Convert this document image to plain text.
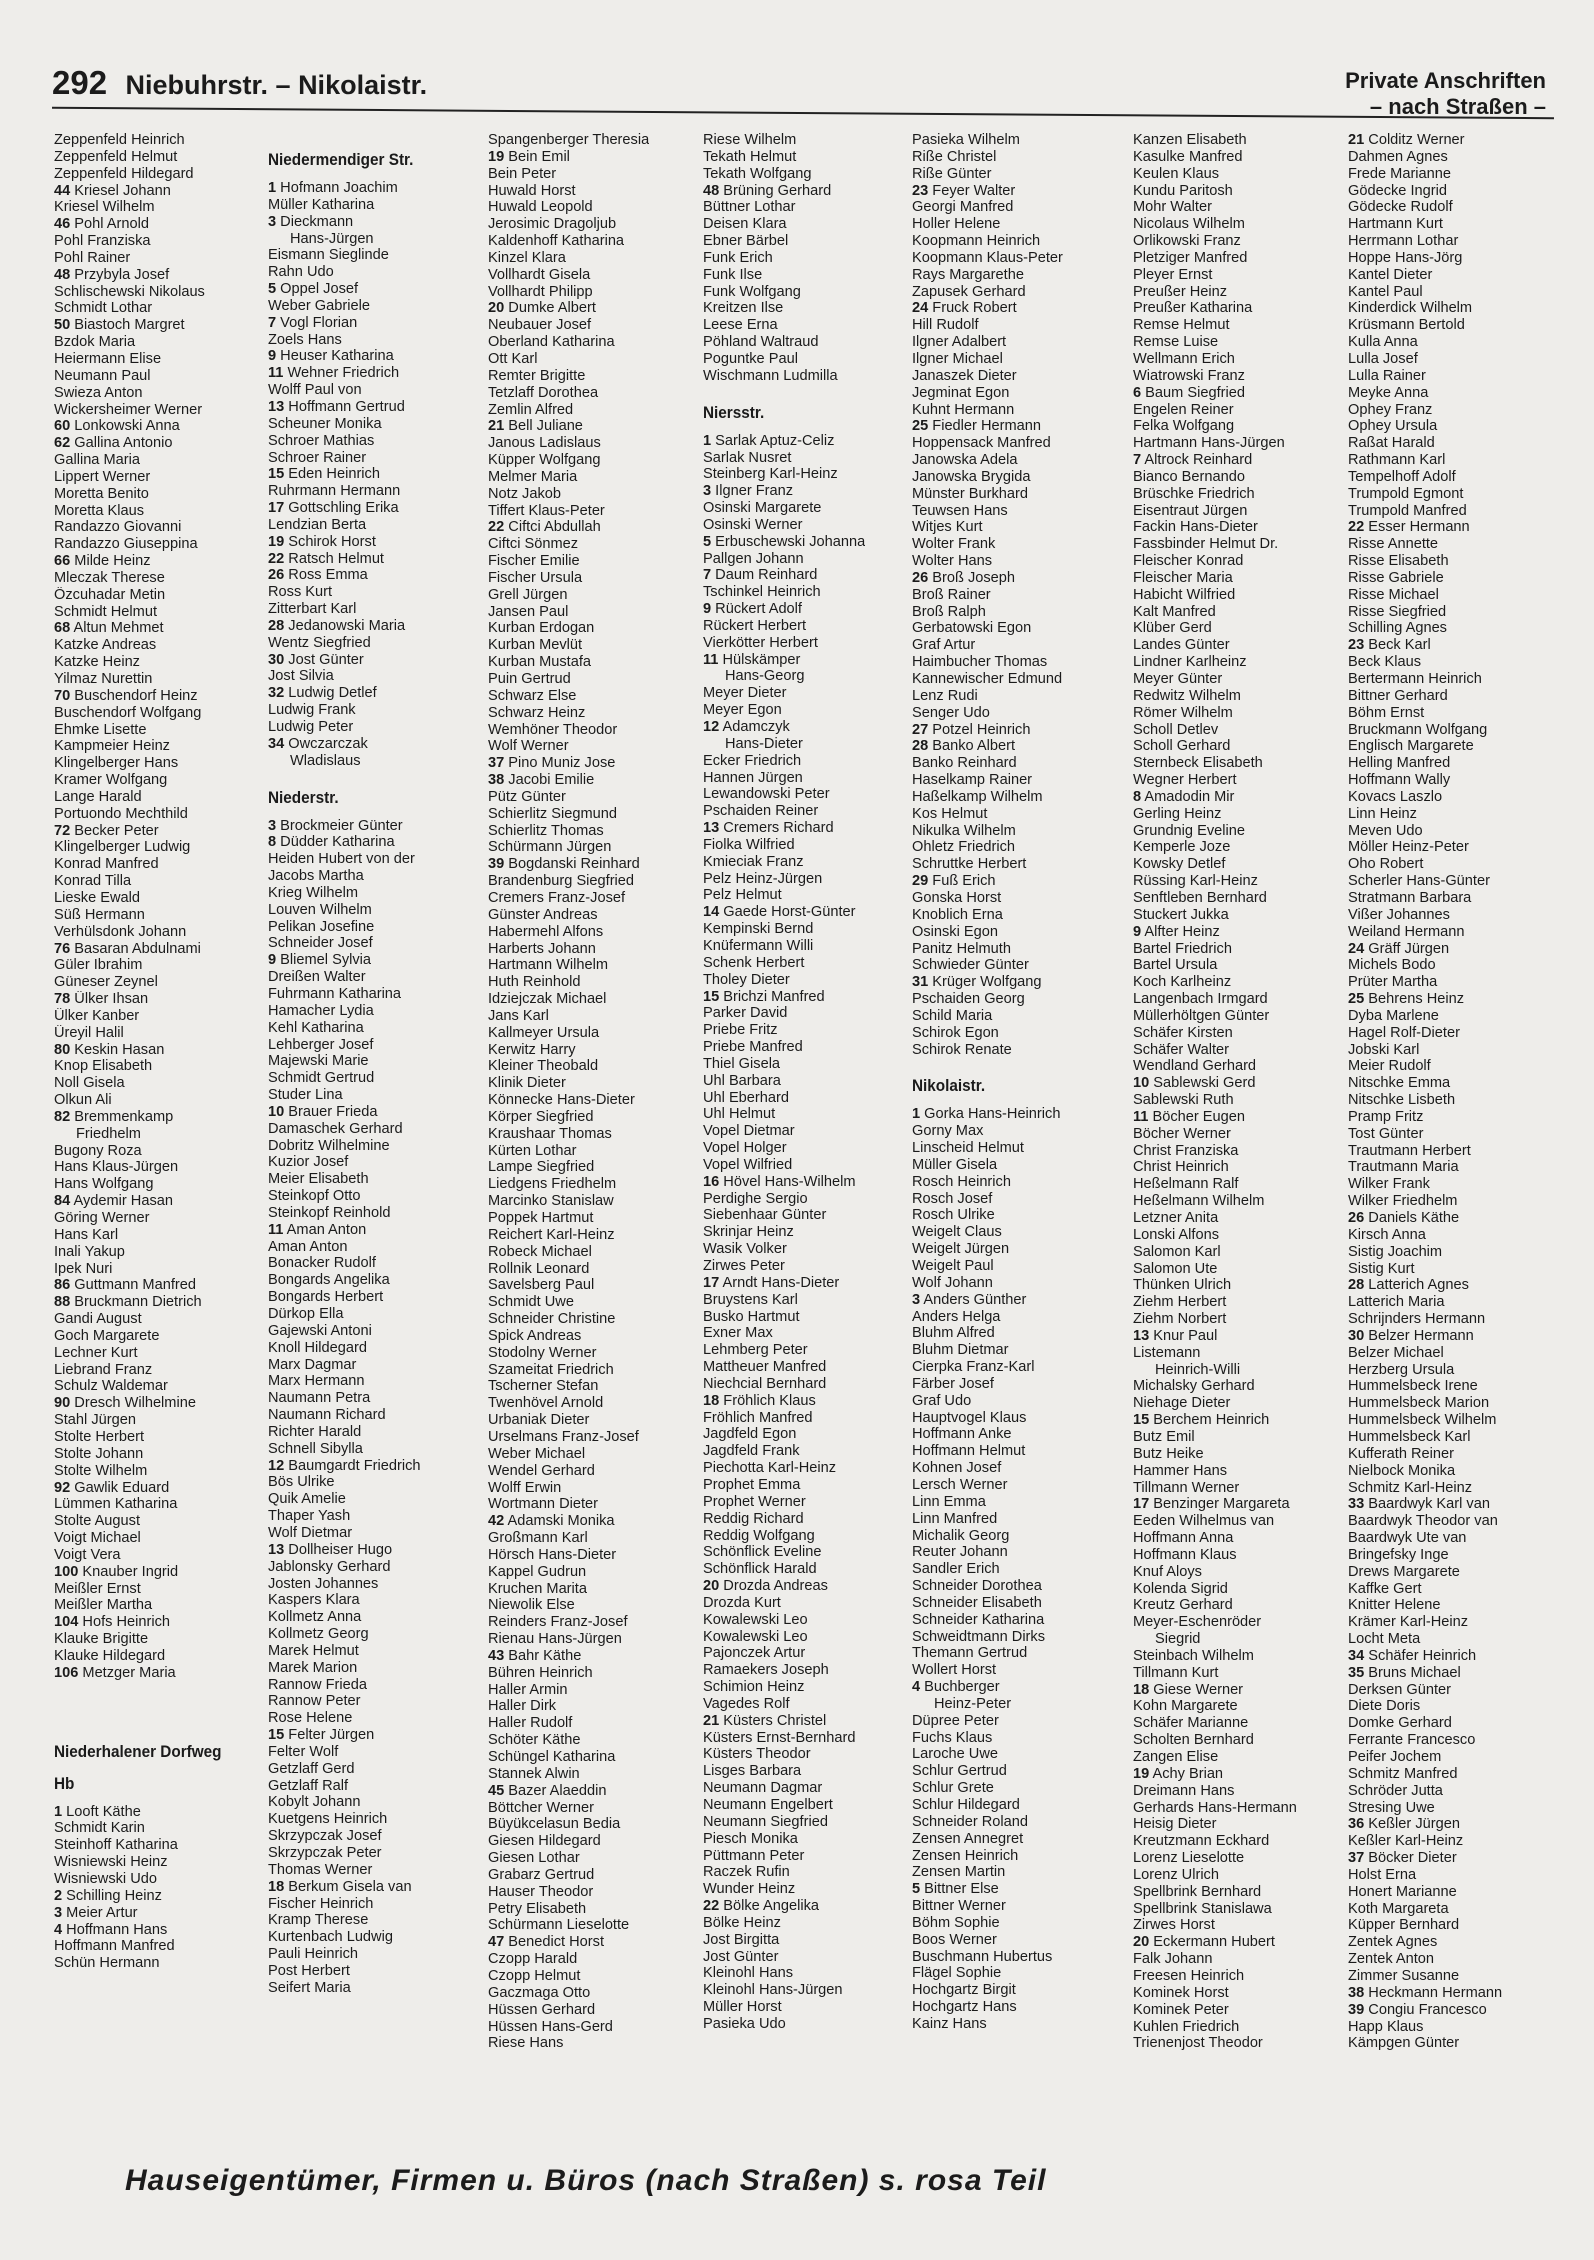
292 Niebuhrstr. – Nikolaistr.	Private Anschriften
– nach Straßen –
Zeppenfeld Heinrich
Zeppenfeld Helmut
Zeppenfeld Hildegard
44 Kriesel Johann
Kriesel Wilhelm
46 Pohl Arnold
Pohl Franziska
Pohl Rainer
48 Przybyla Josef
Schlischewski Nikolaus
Schmidt Lothar
50 Biastoch Margret
Bzdok Maria
Heiermann Elise
Neumann Paul
Swieza Anton
Wickersheimer Werner
60 Lonkowski Anna
62 Gallina Antonio
Gallina Maria
Lippert Werner
Moretta Benito
Moretta Klaus
Randazzo Giovanni
Randazzo Giuseppina
66 Milde Heinz
Mleczak Therese
Özcuhadar Metin
Schmidt Helmut
68 Altun Mehmet
Katzke Andreas
Katzke Heinz
Yilmaz Nurettin
70 Buschendorf Heinz
Buschendorf Wolfgang
Ehmke Lisette
Kampmeier Heinz
Klingelberger Hans
Kramer Wolfgang
Lange Harald
Portuondo Mechthild
72 Becker Peter
Klingelberger Ludwig
Konrad Manfred
Konrad Tilla
Lieske Ewald
Süß Hermann
Verhülsdonk Johann
76 Basaran Abdulnami
Güler Ibrahim
Güneser Zeynel
78 Ülker Ihsan
Ülker Kanber
Üreyil Halil
80 Keskin Hasan
Knop Elisabeth
Noll Gisela
Olkun Ali
82 Bremmenkamp
Friedhelm
Bugony Roza
Hans Klaus-Jürgen
Hans Wolfgang
84 Aydemir Hasan
Göring Werner
Hans Karl
Inali Yakup
Ipek Nuri
86 Guttmann Manfred
88 Bruckmann Dietrich
Gandi August
Goch Margarete
Lechner Kurt
Liebrand Franz
Schulz Waldemar
90 Dresch Wilhelmine
Stahl Jürgen
Stolte Herbert
Stolte Johann
Stolte Wilhelm
92 Gawlik Eduard
Lümmen Katharina
Stolte August
Voigt Michael
Voigt Vera
100 Knauber Ingrid
Meißler Ernst
Meißler Martha
104 Hofs Heinrich
Klauke Brigitte
Klauke Hildegard
106 Metzger Maria
Niederhalener Dorfweg
Hb
1 Looft Käthe
Schmidt Karin
Steinhoff Katharina
Wisniewski Heinz
Wisniewski Udo
2 Schilling Heinz
3 Meier Artur
4 Hoffmann Hans
Hoffmann Manfred
Schün Hermann
Niedermendiger Str.
1 Hofmann Joachim
Müller Katharina
3 Dieckmann
Hans-Jürgen
Eismann Sieglinde
Rahn Udo
5 Oppel Josef
Weber Gabriele
7 Vogl Florian
Zoels Hans
9 Heuser Katharina
11 Wehner Friedrich
Wolff Paul von
13 Hoffmann Gertrud
Scheuner Monika
Schroer Mathias
Schroer Rainer
15 Eden Heinrich
Ruhrmann Hermann
17 Gottschling Erika
Lendzian Berta
19 Schirok Horst
22 Ratsch Helmut
26 Ross Emma
Ross Kurt
Zitterbart Karl
28 Jedanowski Maria
Wentz Siegfried
30 Jost Günter
Jost Silvia
32 Ludwig Detlef
Ludwig Frank
Ludwig Peter
34 Owczarczak
Wladislaus
Niederstr.
3 Brockmeier Günter
8 Düdder Katharina
Heiden Hubert von der
Jacobs Martha
Krieg Wilhelm
Louven Wilhelm
Pelikan Josefine
Schneider Josef
9 Bliemel Sylvia
Dreißen Walter
Fuhrmann Katharina
Hamacher Lydia
Kehl Katharina
Lehberger Josef
Majewski Marie
Schmidt Gertrud
Studer Lina
10 Brauer Frieda
Damaschek Gerhard
Dobritz Wilhelmine
Kuzior Josef
Meier Elisabeth
Steinkopf Otto
Steinkopf Reinhold
11 Aman Anton
Aman Anton
Bonacker Rudolf
Bongards Angelika
Bongards Herbert
Dürkop Ella
Gajewski Antoni
Knoll Hildegard
Marx Dagmar
Marx Hermann
Naumann Petra
Naumann Richard
Richter Harald
Schnell Sibylla
12 Baumgardt Friedrich
Bös Ulrike
Quik Amelie
Thaper Yash
Wolf Dietmar
13 Dollheiser Hugo
Jablonsky Gerhard
Josten Johannes
Kaspers Klara
Kollmetz Anna
Kollmetz Georg
Marek Helmut
Marek Marion
Rannow Frieda
Rannow Peter
Rose Helene
15 Felter Jürgen
Felter Wolf
Getzlaff Gerd
Getzlaff Ralf
Kobylt Johann
Kuetgens Heinrich
Skrzypczak Josef
Skrzypczak Peter
Thomas Werner
18 Berkum Gisela van
Fischer Heinrich
Kramp Therese
Kurtenbach Ludwig
Pauli Heinrich
Post Herbert
Seifert Maria
Spangenberger Theresia
19 Bein Emil
Bein Peter
Huwald Horst
Huwald Leopold
Jerosimic Dragoljub
Kaldenhoff Katharina
Kinzel Klara
Vollhardt Gisela
Vollhardt Philipp
20 Dumke Albert
Neubauer Josef
Oberland Katharina
Ott Karl
Remter Brigitte
Tetzlaff Dorothea
Zemlin Alfred
21 Bell Juliane
Janous Ladislaus
Küpper Wolfgang
Melmer Maria
Notz Jakob
Tiffert Klaus-Peter
22 Ciftci Abdullah
Ciftci Sönmez
Fischer Emilie
Fischer Ursula
Grell Jürgen
Jansen Paul
Kurban Erdogan
Kurban Mevlüt
Kurban Mustafa
Puin Gertrud
Schwarz Else
Schwarz Heinz
Wemhöner Theodor
Wolf Werner
37 Pino Muniz Jose
38 Jacobi Emilie
Pütz Günter
Schierlitz Siegmund
Schierlitz Thomas
Schürmann Jürgen
39 Bogdanski Reinhard
Brandenburg Siegfried
Cremers Franz-Josef
Günster Andreas
Habermehl Alfons
Harberts Johann
Hartmann Wilhelm
Huth Reinhold
Idziejczak Michael
Jans Karl
Kallmeyer Ursula
Kerwitz Harry
Kleiner Theobald
Klinik Dieter
Könnecke Hans-Dieter
Körper Siegfried
Kraushaar Thomas
Kürten Lothar
Lampe Siegfried
Liedgens Friedhelm
Marcinko Stanislaw
Poppek Hartmut
Reichert Karl-Heinz
Robeck Michael
Rollnik Leonard
Savelsberg Paul
Schmidt Uwe
Schneider Christine
Spick Andreas
Stodolny Werner
Szameitat Friedrich
Tscherner Stefan
Twenhövel Arnold
Urbaniak Dieter
Urselmans Franz-Josef
Weber Michael
Wendel Gerhard
Wolff Erwin
Wortmann Dieter
42 Adamski Monika
Großmann Karl
Hörsch Hans-Dieter
Kappel Gudrun
Kruchen Marita
Niewolik Else
Reinders Franz-Josef
Rienau Hans-Jürgen
43 Bahr Käthe
Bühren Heinrich
Haller Armin
Haller Dirk
Haller Rudolf
Schöter Käthe
Schüngel Katharina
Stannek Alwin
45 Bazer Alaeddin
Böttcher Werner
Büyükcelasun Bedia
Giesen Hildegard
Giesen Lothar
Grabarz Gertrud
Hauser Theodor
Petry Elisabeth
Schürmann Lieselotte
47 Benedict Horst
Czopp Harald
Czopp Helmut
Gaczmaga Otto
Hüssen Gerhard
Hüssen Hans-Gerd
Riese Hans
Riese Wilhelm
Tekath Helmut
Tekath Wolfgang
48 Brüning Gerhard
Büttner Lothar
Deisen Klara
Ebner Bärbel
Funk Erich
Funk Ilse
Funk Wolfgang
Kreitzen Ilse
Leese Erna
Pöhland Waltraud
Poguntke Paul
Wischmann Ludmilla
Niersstr.
1 Sarlak Aptuz-Celiz
Sarlak Nusret
Steinberg Karl-Heinz
3 Ilgner Franz
Osinski Margarete
Osinski Werner
5 Erbuschewski Johanna
Pallgen Johann
7 Daum Reinhard
Tschinkel Heinrich
9 Rückert Adolf
Rückert Herbert
Vierkötter Herbert
11 Hülskämper
Hans-Georg
Meyer Dieter
Meyer Egon
12 Adamczyk
Hans-Dieter
Ecker Friedrich
Hannen Jürgen
Lewandowski Peter
Pschaiden Reiner
13 Cremers Richard
Fiolka Wilfried
Kmieciak Franz
Pelz Heinz-Jürgen
Pelz Helmut
14 Gaede Horst-Günter
Kempinski Bernd
Knüfermann Willi
Schenk Herbert
Tholey Dieter
15 Brichzi Manfred
Parker David
Priebe Fritz
Priebe Manfred
Thiel Gisela
Uhl Barbara
Uhl Eberhard
Uhl Helmut
Vopel Dietmar
Vopel Holger
Vopel Wilfried
16 Hövel Hans-Wilhelm
Perdighe Sergio
Siebenhaar Günter
Skrinjar Heinz
Wasik Volker
Zirwes Peter
17 Arndt Hans-Dieter
Bruystens Karl
Busko Hartmut
Exner Max
Lehmberg Peter
Mattheuer Manfred
Niechcial Bernhard
18 Fröhlich Klaus
Fröhlich Manfred
Jagdfeld Egon
Jagdfeld Frank
Piechotta Karl-Heinz
Prophet Emma
Prophet Werner
Reddig Richard
Reddig Wolfgang
Schönflick Eveline
Schönflick Harald
20 Drozda Andreas
Drozda Kurt
Kowalewski Leo
Kowalewski Leo
Pajonczek Artur
Ramaekers Joseph
Schimion Heinz
Vagedes Rolf
21 Küsters Christel
Küsters Ernst-Bernhard
Küsters Theodor
Lisges Barbara
Neumann Dagmar
Neumann Engelbert
Neumann Siegfried
Piesch Monika
Püttmann Peter
Raczek Rufin
Wunder Heinz
22 Bölke Angelika
Bölke Heinz
Jost Birgitta
Jost Günter
Kleinohl Hans
Kleinohl Hans-Jürgen
Müller Horst
Pasieka Udo
Pasieka Wilhelm
Riße Christel
Riße Günter
23 Feyer Walter
Georgi Manfred
Holler Helene
Koopmann Heinrich
Koopmann Klaus-Peter
Rays Margarethe
Zapusek Gerhard
24 Fruck Robert
Hill Rudolf
Ilgner Adalbert
Ilgner Michael
Janaszek Dieter
Jegminat Egon
Kuhnt Hermann
25 Fiedler Hermann
Hoppensack Manfred
Janowska Adela
Janowska Brygida
Münster Burkhard
Teuwsen Hans
Witjes Kurt
Wolter Frank
Wolter Hans
26 Broß Joseph
Broß Rainer
Broß Ralph
Gerbatowski Egon
Graf Artur
Haimbucher Thomas
Kannewischer Edmund
Lenz Rudi
Senger Udo
27 Potzel Heinrich
28 Banko Albert
Banko Reinhard
Haselkamp Rainer
Haßelkamp Wilhelm
Kos Helmut
Nikulka Wilhelm
Ohletz Friedrich
Schruttke Herbert
29 Fuß Erich
Gonska Horst
Knoblich Erna
Osinski Egon
Panitz Helmuth
Schwieder Günter
31 Krüger Wolfgang
Pschaiden Georg
Schild Maria
Schirok Egon
Schirok Renate
Nikolaistr.
1 Gorka Hans-Heinrich
Gorny Max
Linscheid Helmut
Müller Gisela
Rosch Heinrich
Rosch Josef
Rosch Ulrike
Weigelt Claus
Weigelt Jürgen
Weigelt Paul
Wolf Johann
3 Anders Günther
Anders Helga
Bluhm Alfred
Bluhm Dietmar
Cierpka Franz-Karl
Färber Josef
Graf Udo
Hauptvogel Klaus
Hoffmann Anke
Hoffmann Helmut
Kohnen Josef
Lersch Werner
Linn Emma
Linn Manfred
Michalik Georg
Reuter Johann
Sandler Erich
Schneider Dorothea
Schneider Elisabeth
Schneider Katharina
Schweidtmann Dirks
Themann Gertrud
Wollert Horst
4 Buchberger
Heinz-Peter
Düpree Peter
Fuchs Klaus
Laroche Uwe
Schlur Gertrud
Schlur Grete
Schlur Hildegard
Schneider Roland
Zensen Annegret
Zensen Heinrich
Zensen Martin
5 Bittner Else
Bittner Werner
Böhm Sophie
Boos Werner
Buschmann Hubertus
Flägel Sophie
Hochgartz Birgit
Hochgartz Hans
Kainz Hans
Kanzen Elisabeth
Kasulke Manfred
Keulen Klaus
Kundu Paritosh
Mohr Walter
Nicolaus Wilhelm
Orlikowski Franz
Pletziger Manfred
Pleyer Ernst
Preußer Heinz
Preußer Katharina
Remse Helmut
Remse Luise
Wellmann Erich
Wiatrowski Franz
6 Baum Siegfried
Engelen Reiner
Felka Wolfgang
Hartmann Hans-Jürgen
7 Altrock Reinhard
Bianco Bernando
Brüschke Friedrich
Eisentraut Jürgen
Fackin Hans-Dieter
Fassbinder Helmut Dr.
Fleischer Konrad
Fleischer Maria
Habicht Wilfried
Kalt Manfred
Klüber Gerd
Landes Günter
Lindner Karlheinz
Meyer Günter
Redwitz Wilhelm
Römer Wilhelm
Scholl Detlev
Scholl Gerhard
Sternbeck Elisabeth
Wegner Herbert
8 Amadodin Mir
Gerling Heinz
Grundnig Eveline
Kemperle Joze
Kowsky Detlef
Rüssing Karl-Heinz
Senftleben Bernhard
Stuckert Jukka
9 Alfter Heinz
Bartel Friedrich
Bartel Ursula
Koch Karlheinz
Langenbach Irmgard
Müllerhöltgen Günter
Schäfer Kirsten
Schäfer Walter
Wendland Gerhard
10 Sablewski Gerd
Sablewski Ruth
11 Böcher Eugen
Böcher Werner
Christ Franziska
Christ Heinrich
Heßelmann Ralf
Heßelmann Wilhelm
Letzner Anita
Lonski Alfons
Salomon Karl
Salomon Ute
Thünken Ulrich
Ziehm Herbert
Ziehm Norbert
13 Knur Paul
Listemann
Heinrich-Willi
Michalsky Gerhard
Niehage Dieter
15 Berchem Heinrich
Butz Emil
Butz Heike
Hammer Hans
Tillmann Werner
17 Benzinger Margareta
Eeden Wilhelmus van
Hoffmann Anna
Hoffmann Klaus
Knuf Aloys
Kolenda Sigrid
Kreutz Gerhard
Meyer-Eschenröder
Siegrid
Steinbach Wilhelm
Tillmann Kurt
18 Giese Werner
Kohn Margarete
Schäfer Marianne
Scholten Bernhard
Zangen Elise
19 Achy Brian
Dreimann Hans
Gerhards Hans-Hermann
Heisig Dieter
Kreutzmann Eckhard
Lorenz Lieselotte
Lorenz Ulrich
Spellbrink Bernhard
Spellbrink Stanislawa
Zirwes Horst
20 Eckermann Hubert
Falk Johann
Freesen Heinrich
Kominek Horst
Kominek Peter
Kuhlen Friedrich
Trienenjost Theodor
21 Colditz Werner
Dahmen Agnes
Frede Marianne
Gödecke Ingrid
Gödecke Rudolf
Hartmann Kurt
Herrmann Lothar
Hoppe Hans-Jörg
Kantel Dieter
Kantel Paul
Kinderdick Wilhelm
Krüsmann Bertold
Kulla Anna
Lulla Josef
Lulla Rainer
Meyke Anna
Ophey Franz
Ophey Ursula
Raßat Harald
Rathmann Karl
Tempelhoff Adolf
Trumpold Egmont
Trumpold Manfred
22 Esser Hermann
Risse Annette
Risse Elisabeth
Risse Gabriele
Risse Michael
Risse Siegfried
Schilling Agnes
23 Beck Karl
Beck Klaus
Bertermann Heinrich
Bittner Gerhard
Böhm Ernst
Bruckmann Wolfgang
Englisch Margarete
Helling Manfred
Hoffmann Wally
Kovacs Laszlo
Linn Heinz
Meven Udo
Möller Heinz-Peter
Oho Robert
Scherler Hans-Günter
Stratmann Barbara
Vißer Johannes
Weiland Hermann
24 Gräff Jürgen
Michels Bodo
Prüter Martha
25 Behrens Heinz
Dyba Marlene
Hagel Rolf-Dieter
Jobski Karl
Meier Rudolf
Nitschke Emma
Nitschke Lisbeth
Pramp Fritz
Tost Günter
Trautmann Herbert
Trautmann Maria
Wilker Frank
Wilker Friedhelm
26 Daniels Käthe
Kirsch Anna
Sistig Joachim
Sistig Kurt
28 Latterich Agnes
Latterich Maria
Schrijnders Hermann
30 Belzer Hermann
Belzer Michael
Herzberg Ursula
Hummelsbeck Irene
Hummelsbeck Marion
Hummelsbeck Wilhelm
Hummelsbeck Karl
Kufferath Reiner
Nielbock Monika
Schmitz Karl-Heinz
33 Baardwyk Karl van
Baardwyk Theodor van
Baardwyk Ute van
Bringefsky Inge
Drews Margarete
Kaffke Gert
Knitter Helene
Krämer Karl-Heinz
Locht Meta
34 Schäfer Heinrich
35 Bruns Michael
Derksen Günter
Diete Doris
Domke Gerhard
Ferrante Francesco
Peifer Jochem
Schmitz Manfred
Schröder Jutta
Stresing Uwe
36 Keßler Jürgen
Keßler Karl-Heinz
37 Böcker Dieter
Holst Erna
Honert Marianne
Koth Margareta
Küpper Bernhard
Zentek Agnes
Zentek Anton
Zimmer Susanne
38 Heckmann Hermann
39 Congiu Francesco
Happ Klaus
Kämpgen Günter
Hauseigentümer, Firmen u. Büros (nach Straßen) s. rosa Teil
